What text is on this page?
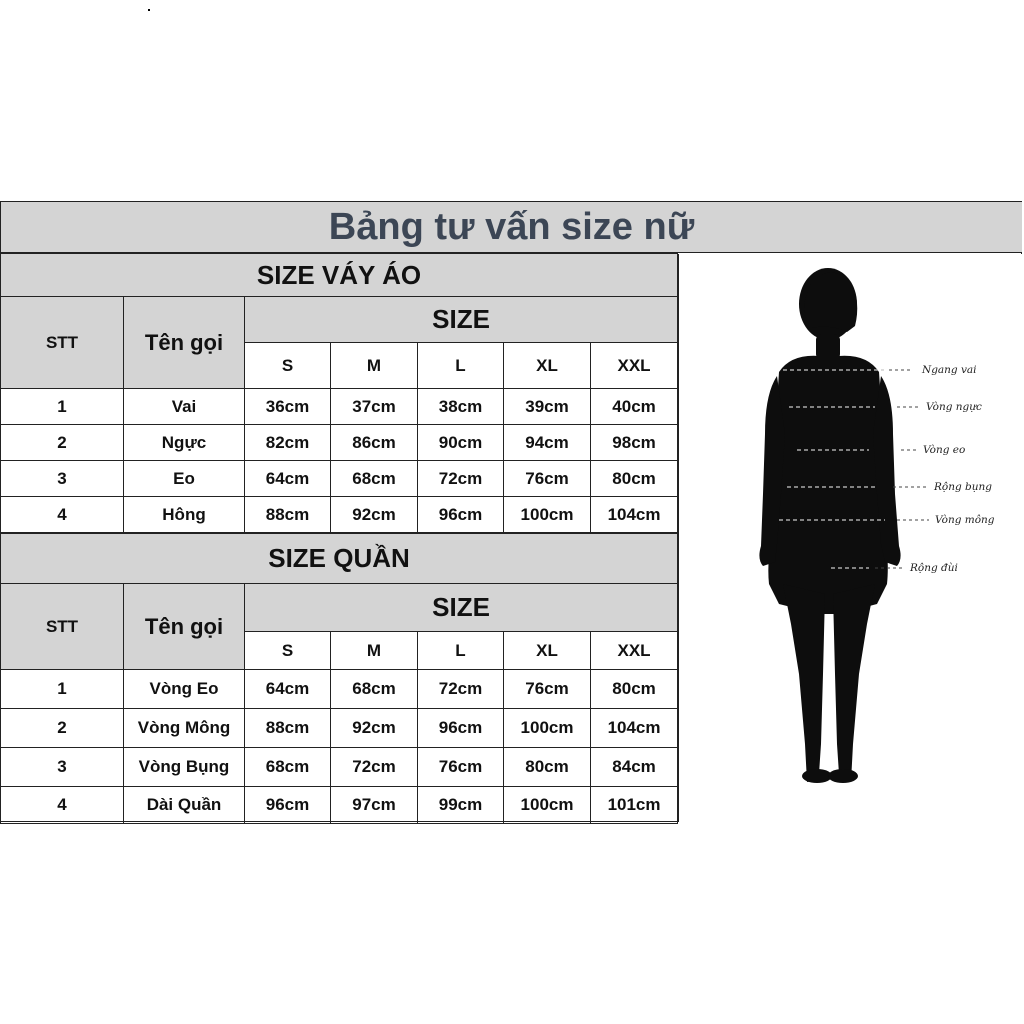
Bảng tư vấn size nữ
SIZE VÁY ÁO						
STT	Tên gọi	SIZE				
		S	M	L	XL	XXL
1	Vai	36cm	37cm	38cm	39cm	40cm
2	Ngực	82cm	86cm	90cm	94cm	98cm
3	Eo	64cm	68cm	72cm	76cm	80cm
4	Hông	88cm	92cm	96cm	100cm	104cm
SIZE QUẦN						
STT	Tên gọi	SIZE				
		S	M	L	XL	XXL
1	Vòng Eo	64cm	68cm	72cm	76cm	80cm
2	Vòng Mông	88cm	92cm	96cm	100cm	104cm
3	Vòng Bụng	68cm	72cm	76cm	80cm	84cm
4	Dài Quần	96cm	97cm	99cm	100cm	101cm
Ngang vai
Vòng ngực
Vòng eo
Rộng bụng
Vòng mông
Rộng đùi
